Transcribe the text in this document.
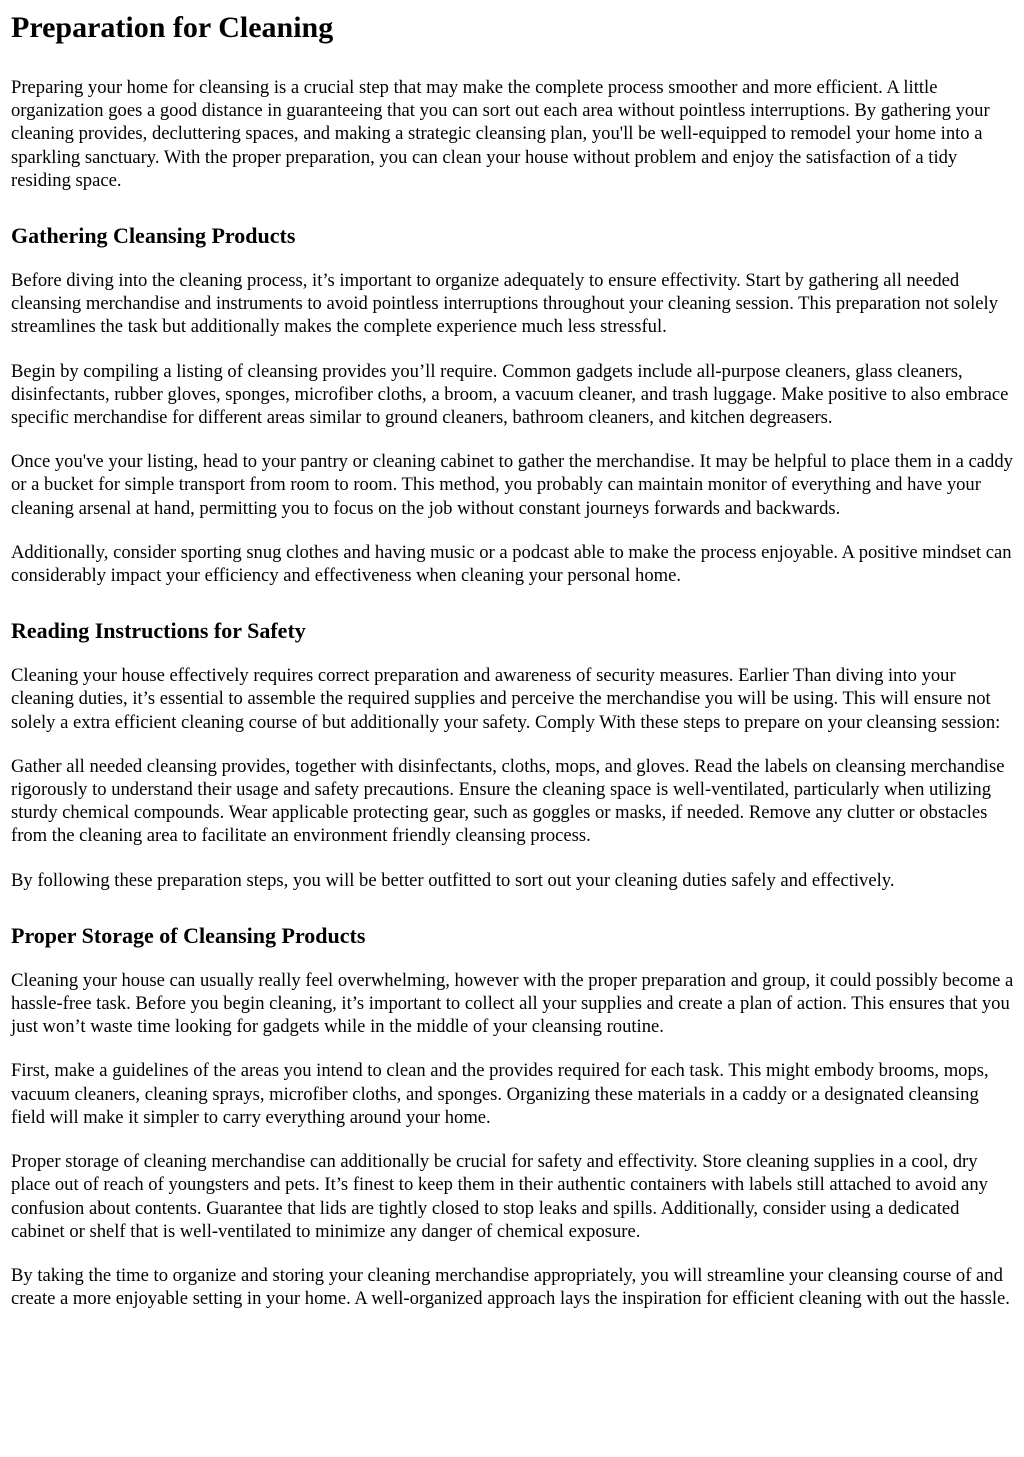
Preparation for Cleaning

Preparing your home for cleansing is a crucial step that may make the complete process smoother and more efficient. A little organization goes a good distance in guaranteeing that you can sort out each area without pointless interruptions. By gathering your cleaning provides, decluttering spaces, and making a strategic cleansing plan, you'll be well-equipped to remodel your home into a sparkling sanctuary. With the proper preparation, you can clean your house without problem and enjoy the satisfaction of a tidy residing space.

Gathering Cleansing Products

Before diving into the cleaning process, it’s important to organize adequately to ensure effectivity. Start by gathering all needed cleansing merchandise and instruments to avoid pointless interruptions throughout your cleaning session. This preparation not solely streamlines the task but additionally makes the complete experience much less stressful.

Begin by compiling a listing of cleansing provides you’ll require. Common gadgets include all-purpose cleaners, glass cleaners, disinfectants, rubber gloves, sponges, microfiber cloths, a broom, a vacuum cleaner, and trash luggage. Make positive to also embrace specific merchandise for different areas similar to ground cleaners, bathroom cleaners, and kitchen degreasers.

Once you've your listing, head to your pantry or cleaning cabinet to gather the merchandise. It may be helpful to place them in a caddy or a bucket for simple transport from room to room. This method, you probably can maintain monitor of everything and have your cleaning arsenal at hand, permitting you to focus on the job without constant journeys forwards and backwards.

Additionally, consider sporting snug clothes and having music or a podcast able to make the process enjoyable. A positive mindset can considerably impact your efficiency and effectiveness when cleaning your personal home.

Reading Instructions for Safety

Cleaning your house effectively requires correct preparation and awareness of security measures. Earlier Than diving into your cleaning duties, it’s essential to assemble the required supplies and perceive the merchandise you will be using. This will ensure not solely a extra efficient cleaning course of but additionally your safety. Comply With these steps to prepare on your cleansing session:

Gather all needed cleansing provides, together with disinfectants, cloths, mops, and gloves. Read the labels on cleansing merchandise rigorously to understand their usage and safety precautions. Ensure the cleaning space is well-ventilated, particularly when utilizing sturdy chemical compounds. Wear applicable protecting gear, such as goggles or masks, if needed. Remove any clutter or obstacles from the cleaning area to facilitate an environment friendly cleansing process.

By following these preparation steps, you will be better outfitted to sort out your cleaning duties safely and effectively.

Proper Storage of Cleansing Products

Cleaning your house can usually really feel overwhelming, however with the proper preparation and group, it could possibly become a hassle-free task. Before you begin cleaning, it’s important to collect all your supplies and create a plan of action. This ensures that you just won’t waste time looking for gadgets while in the middle of your cleansing routine.

First, make a guidelines of the areas you intend to clean and the provides required for each task. This might embody brooms, mops, vacuum cleaners, cleaning sprays, microfiber cloths, and sponges. Organizing these materials in a caddy or a designated cleansing field will make it simpler to carry everything around your home.

Proper storage of cleaning merchandise can additionally be crucial for safety and effectivity. Store cleaning supplies in a cool, dry place out of reach of youngsters and pets. It’s finest to keep them in their authentic containers with labels still attached to avoid any confusion about contents. Guarantee that lids are tightly closed to stop leaks and spills. Additionally, consider using a dedicated cabinet or shelf that is well-ventilated to minimize any danger of chemical exposure.

By taking the time to organize and storing your cleaning merchandise appropriately, you will streamline your cleansing course of and create a more enjoyable setting in your home. A well-organized approach lays the inspiration for efficient cleaning with out the hassle.
